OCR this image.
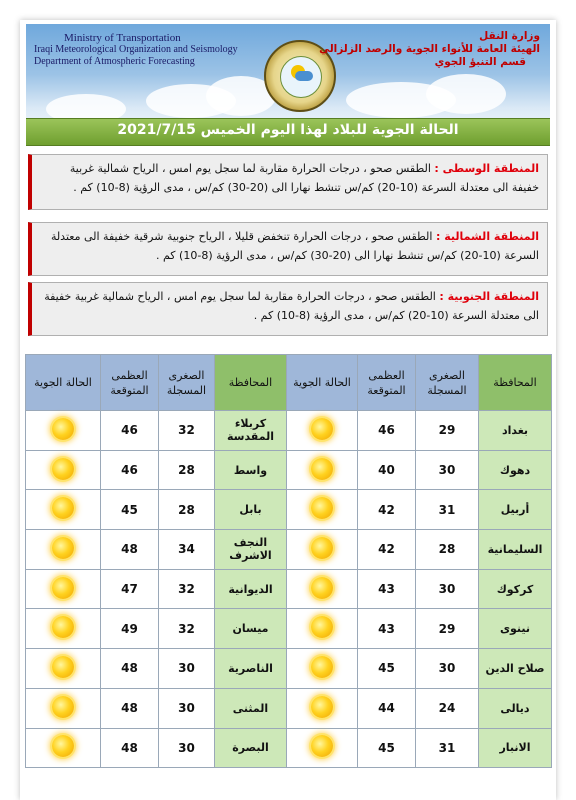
Ministry of Transportation
Iraqi Meteorological Organization and Seismology
Department of Atmospheric Forecasting
وزارة النقل
الهيئة العامة للأنواء الجوية والرصد الزلزالي
قسم التنبؤ الجوي
الحالة الجوية للبلاد لهذا اليوم الخميس 2021/7/15
المنطقة الوسطى : الطقس صحو ، درجات الحرارة مقاربة لما سجل يوم امس ، الرياح شمالية غربية خفيفة الى معتدلة السرعة (10-20) كم/س تنشط نهارا الى (20-30) كم/س ، مدى الرؤية (8-10) كم .
المنطقة الشمالية : الطقس صحو ، درجات الحرارة تنخفض قليلا ، الرياح جنوبية شرقية خفيفة الى معتدلة السرعة (10-20) كم/س تنشط نهارا الى (20-30) كم/س ، مدى الرؤية (8-10) كم .
المنطقة الجنوبية : الطقس صحو ، درجات الحرارة مقاربة لما سجل يوم امس ، الرياح شمالية غربية خفيفة الى معتدلة السرعة (10-20) كم/س ، مدى الرؤية (8-10) كم .
الحالة الجوية	العظمى المتوقعة	الصغرى المسجلة	المحافظة	الحالة الجوية	العظمى المتوقعة	الصغرى المسجلة	المحافظة
	46	32	كربلاء المقدسة		46	29	بغداد
	46	28	واسط		40	30	دهوك
	45	28	بابل		42	31	أربيل
	48	34	النجف الاشرف		42	28	السليمانية
	47	32	الديوانية		43	30	كركوك
	49	32	ميسان		43	29	نينوى
	48	30	الناصرية		45	30	صلاح الدين
	48	30	المثنى		44	24	ديالى
	48	30	البصرة		45	31	الانبار
